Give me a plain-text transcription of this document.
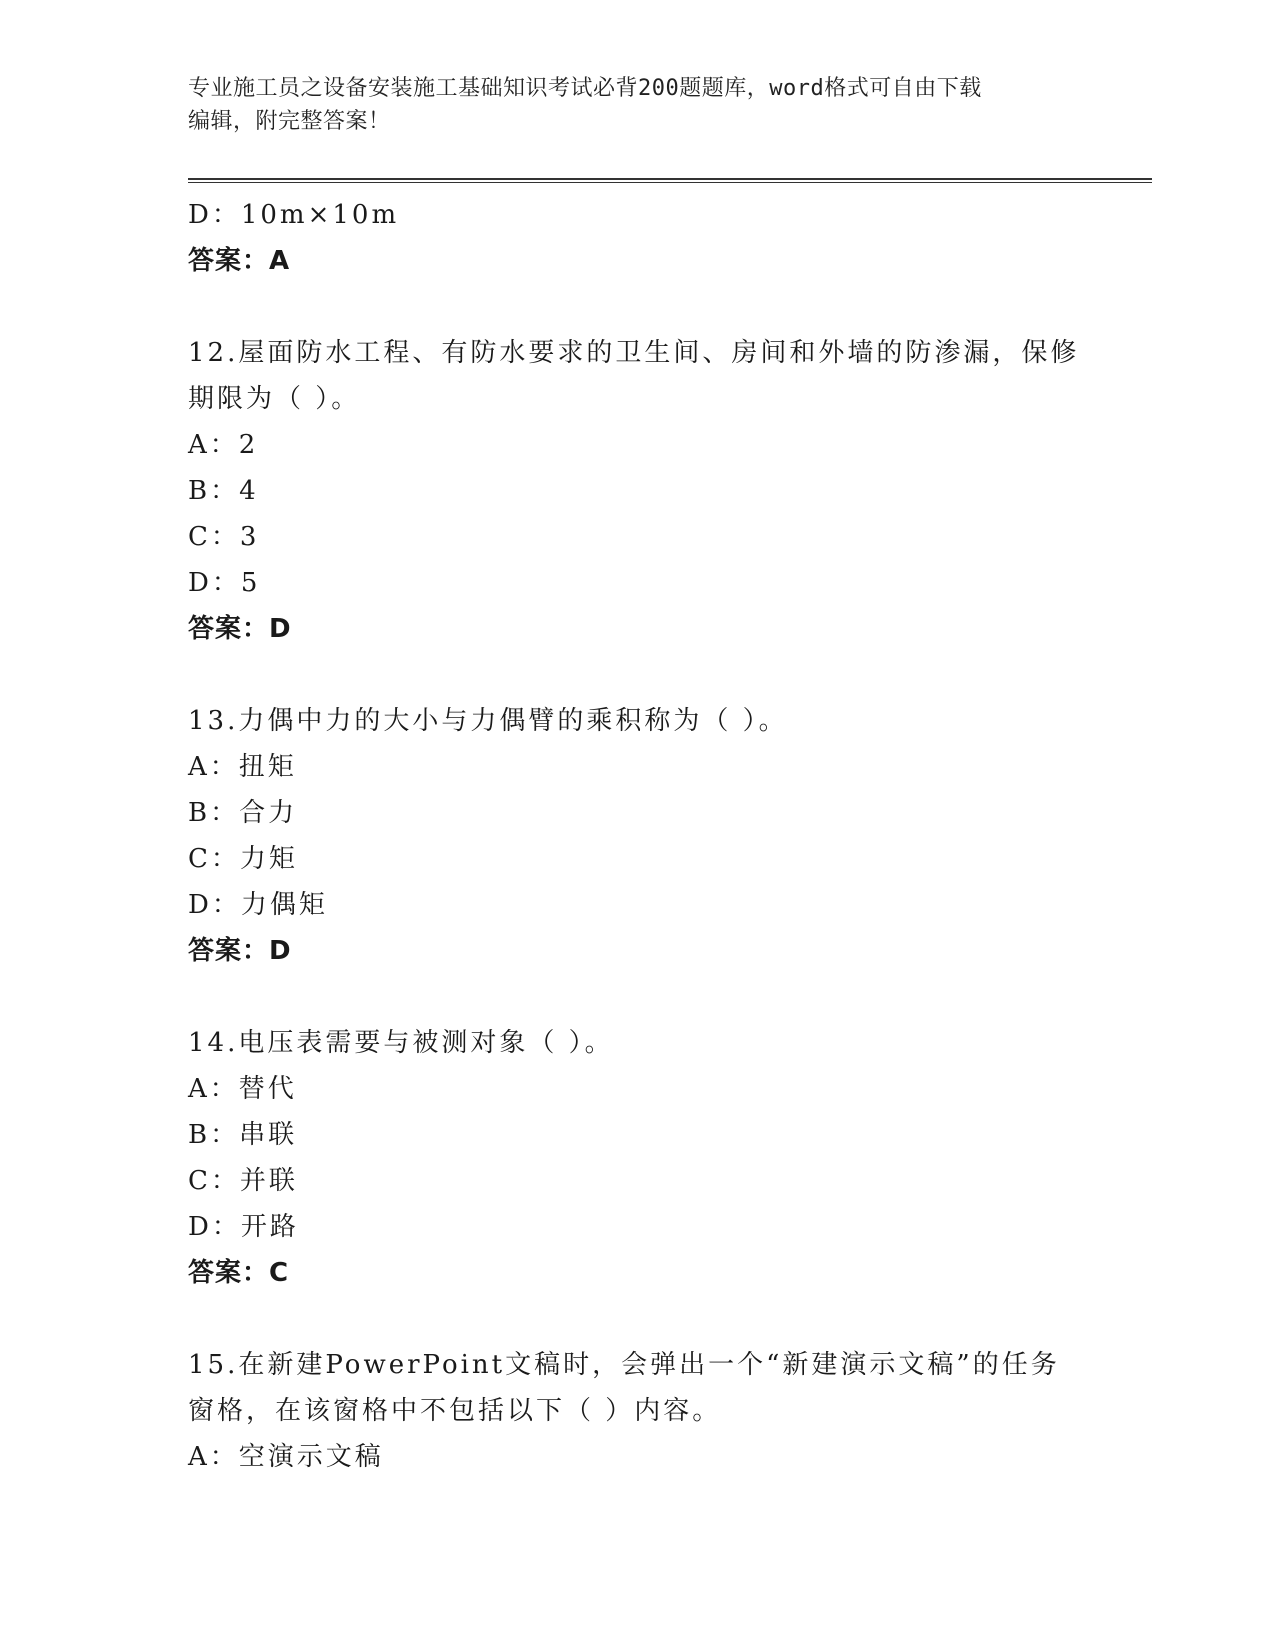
专业施工员之设备安装施工基础知识考试必背200题题库，word格式可自由下载
编辑，附完整答案！
D：10m×10m
答案：A
12.屋面防水工程、有防水要求的卫生间、房间和外墙的防渗漏，保修
期限为（ ）。
A：2
B：4
C：3
D：5
答案：D
13.力偶中力的大小与力偶臂的乘积称为（ ）。
A：扭矩
B：合力
C：力矩
D：力偶矩
答案：D
14.电压表需要与被测对象（ ）。
A：替代
B：串联
C：并联
D：开路
答案：C
15.在新建PowerPoint文稿时，会弹出一个“新建演示文稿”的任务
窗格，在该窗格中不包括以下（ ）内容。
A：空演示文稿
